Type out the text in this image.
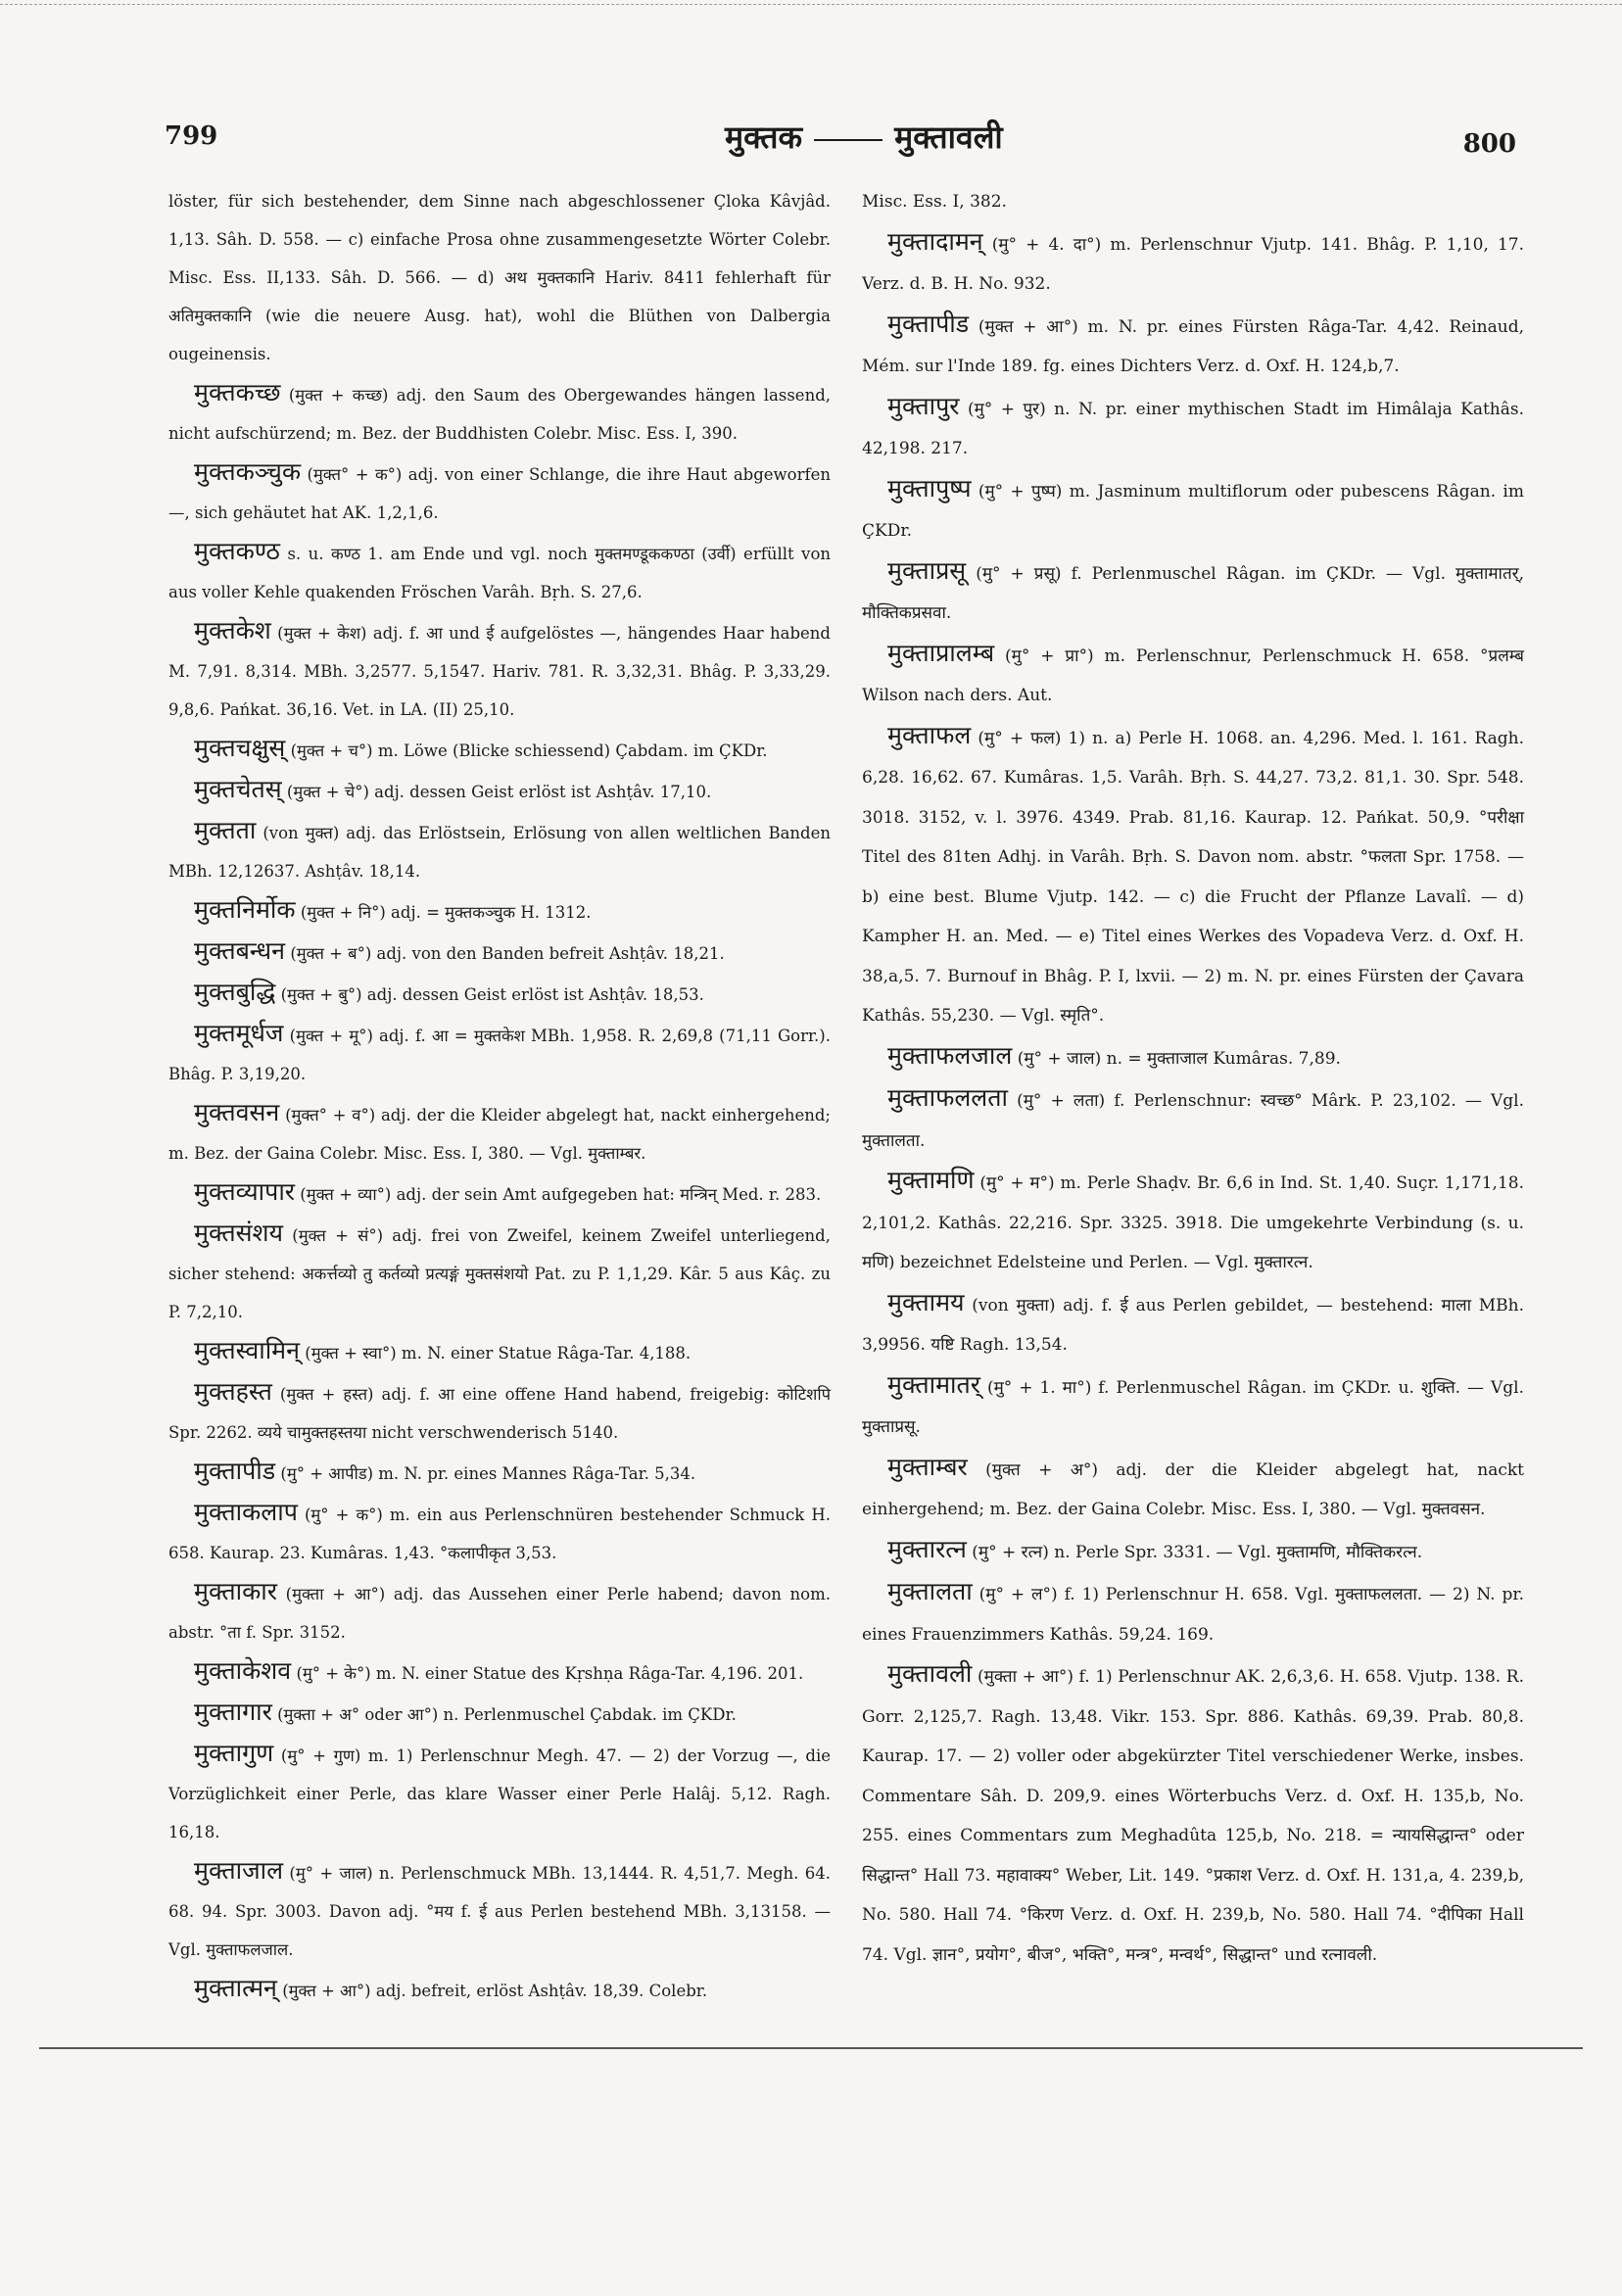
799	मुक्तक	मुक्तावली	800

löster, für sich bestehender, dem Sinne nach abgeschlossener Çloka Kâvjâd. 1,13. Sâh. D. 558. — c) einfache Prosa ohne zusammengesetzte Wörter Colebr. Misc. Ess. II,133. Sâh. D. 566. — d) अथ मुक्तकानि Hariv. 8411 fehlerhaft für अतिमुक्तकानि (wie die neuere Ausg. hat), wohl die Blüthen von Dalbergia ougeinensis.

मुक्तकच्छ (मुक्त + कच्छ) adj. den Saum des Obergewandes hängen lassend, nicht aufschürzend; m. Bez. der Buddhisten Colebr. Misc. Ess. I, 390.

मुक्तकञ्चुक (मुक्त° + क°) adj. von einer Schlange, die ihre Haut abgeworfen —, sich gehäutet hat AK. 1,2,1,6.

मुक्तकण्ठ s. u. कण्ठ 1. am Ende und vgl. noch मुक्तमण्डूककण्ठा (उर्वी) erfüllt von aus voller Kehle quakenden Fröschen Varâh. Bṛh. S. 27,6.

मुक्तकेश (मुक्त + केश) adj. f. आ und ई aufgelöstes —, hängendes Haar habend M. 7,91. 8,314. MBh. 3,2577. 5,1547. Hariv. 781. R. 3,32,31. Bhâg. P. 3,33,29. 9,8,6. Pańkat. 36,16. Vet. in LA. (II) 25,10.

मुक्तचक्षुस् (मुक्त + च°) m. Löwe (Blicke schiessend) Çabdam. im ÇKDr.

मुक्तचेतस् (मुक्त + चे°) adj. dessen Geist erlöst ist Ashṭâv. 17,10.

मुक्तता (von मुक्त) adj. das Erlöstsein, Erlösung von allen weltlichen Banden MBh. 12,12637. Ashṭâv. 18,14.

मुक्तनिर्मोक (मुक्त + नि°) adj. = मुक्तकञ्चुक H. 1312.

मुक्तबन्धन (मुक्त + ब°) adj. von den Banden befreit Ashṭâv. 18,21.

मुक्तबुद्धि (मुक्त + बु°) adj. dessen Geist erlöst ist Ashṭâv. 18,53.

मुक्तमूर्धज (मुक्त + मू°) adj. f. आ = मुक्तकेश MBh. 1,958. R. 2,69,8 (71,11 Gorr.). Bhâg. P. 3,19,20.

मुक्तवसन (मुक्त° + व°) adj. der die Kleider abgelegt hat, nackt einhergehend; m. Bez. der Gaina Colebr. Misc. Ess. I, 380. — Vgl. मुक्ताम्बर.

मुक्तव्यापार (मुक्त + व्या°) adj. der sein Amt aufgegeben hat: मन्त्रिन् Med. r. 283.

मुक्तसंशय (मुक्त + सं°) adj. frei von Zweifel, keinem Zweifel unterliegend, sicher stehend: अकर्त्तव्यो तु कर्तव्यो प्रत्यङ्गं मुक्तसंशयो Pat. zu P. 1,1,29. Kâr. 5 aus Kâç. zu P. 7,2,10.

मुक्तस्वामिन् (मुक्त + स्वा°) m. N. einer Statue Râga-Tar. 4,188.

मुक्तहस्त (मुक्त + हस्त) adj. f. आ eine offene Hand habend, freigebig: कोटिशपि Spr. 2262. व्यये चामुक्तहस्तया nicht verschwenderisch 5140.

मुक्तापीड (मु° + आपीड) m. N. pr. eines Mannes Râga-Tar. 5,34.

मुक्ताकलाप (मु° + क°) m. ein aus Perlenschnüren bestehender Schmuck H. 658. Kaurap. 23. Kumâras. 1,43. °कलापीकृत 3,53.

मुक्ताकार (मुक्ता + आ°) adj. das Aussehen einer Perle habend; davon nom. abstr. °ता f. Spr. 3152.

मुक्ताकेशव (मु° + के°) m. N. einer Statue des Kṛshṇa Râga-Tar. 4,196. 201.

मुक्तागार (मुक्ता + अ° oder आ°) n. Perlenmuschel Çabdak. im ÇKDr.

मुक्तागुण (मु° + गुण) m. 1) Perlenschnur Megh. 47. — 2) der Vorzug —, die Vorzüglichkeit einer Perle, das klare Wasser einer Perle Halâj. 5,12. Ragh. 16,18.

मुक्ताजाल (मु° + जाल) n. Perlenschmuck MBh. 13,1444. R. 4,51,7. Megh. 64. 68. 94. Spr. 3003. Davon adj. °मय f. ई aus Perlen bestehend MBh. 3,13158. — Vgl. मुक्ताफलजाल.

मुक्तात्मन् (मुक्त + आ°) adj. befreit, erlöst Ashṭâv. 18,39. Colebr.

Misc. Ess. I, 382.

मुक्तादामन् (मु° + 4. दा°) m. Perlenschnur Vjutp. 141. Bhâg. P. 1,10, 17. Verz. d. B. H. No. 932.

मुक्तापीड (मुक्त + आ°) m. N. pr. eines Fürsten Râga-Tar. 4,42. Reinaud, Mém. sur l'Inde 189. fg. eines Dichters Verz. d. Oxf. H. 124,b,7.

मुक्तापुर (मु° + पुर) n. N. pr. einer mythischen Stadt im Himâlaja Kathâs. 42,198. 217.

मुक्तापुष्प (मु° + पुष्प) m. Jasminum multiflorum oder pubescens Râgan. im ÇKDr.

मुक्ताप्रसू (मु° + प्रसू) f. Perlenmuschel Râgan. im ÇKDr. — Vgl. मुक्तामातर्, मौक्तिकप्रसवा.

मुक्ताप्रालम्ब (मु° + प्रा°) m. Perlenschnur, Perlenschmuck H. 658. °प्रलम्ब Wilson nach ders. Aut.

मुक्ताफल (मु° + फल) 1) n. a) Perle H. 1068. an. 4,296. Med. l. 161. Ragh. 6,28. 16,62. 67. Kumâras. 1,5. Varâh. Bṛh. S. 44,27. 73,2. 81,1. 30. Spr. 548. 3018. 3152, v. l. 3976. 4349. Prab. 81,16. Kaurap. 12. Pańkat. 50,9. °परीक्षा Titel des 81ten Adhj. in Varâh. Bṛh. S. Davon nom. abstr. °फलता Spr. 1758. — b) eine best. Blume Vjutp. 142. — c) die Frucht der Pflanze Lavalî. — d) Kampher H. an. Med. — e) Titel eines Werkes des Vopadeva Verz. d. Oxf. H. 38,a,5. 7. Burnouf in Bhâg. P. I, lxvii. — 2) m. N. pr. eines Fürsten der Çavara Kathâs. 55,230. — Vgl. स्मृति°.

मुक्ताफलजाल (मु° + जाल) n. = मुक्ताजाल Kumâras. 7,89.

मुक्ताफललता (मु° + लता) f. Perlenschnur: स्वच्छ° Mârk. P. 23,102. — Vgl. मुक्तालता.

मुक्तामणि (मु° + म°) m. Perle Shaḍv. Br. 6,6 in Ind. St. 1,40. Suçr. 1,171,18. 2,101,2. Kathâs. 22,216. Spr. 3325. 3918. Die umgekehrte Verbindung (s. u. मणि) bezeichnet Edelsteine und Perlen. — Vgl. मुक्तारत्न.

मुक्तामय (von मुक्ता) adj. f. ई aus Perlen gebildet, — bestehend: माला MBh. 3,9956. यष्टि Ragh. 13,54.

मुक्तामातर् (मु° + 1. मा°) f. Perlenmuschel Râgan. im ÇKDr. u. शुक्ति. — Vgl. मुक्ताप्रसू.

मुक्ताम्बर (मुक्त + अ°) adj. der die Kleider abgelegt hat, nackt einhergehend; m. Bez. der Gaina Colebr. Misc. Ess. I, 380. — Vgl. मुक्तवसन.

मुक्तारत्न (मु° + रत्न) n. Perle Spr. 3331. — Vgl. मुक्तामणि, मौक्तिकरत्न.

मुक्तालता (मु° + ल°) f. 1) Perlenschnur H. 658. Vgl. मुक्ताफललता. — 2) N. pr. eines Frauenzimmers Kathâs. 59,24. 169.

मुक्तावली (मुक्ता + आ°) f. 1) Perlenschnur AK. 2,6,3,6. H. 658. Vjutp. 138. R. Gorr. 2,125,7. Ragh. 13,48. Vikr. 153. Spr. 886. Kathâs. 69,39. Prab. 80,8. Kaurap. 17. — 2) voller oder abgekürzter Titel verschiedener Werke, insbes. Commentare Sâh. D. 209,9. eines Wörterbuchs Verz. d. Oxf. H. 135,b, No. 255. eines Commentars zum Meghadûta 125,b, No. 218. = न्यायसिद्धान्त° oder सिद्धान्त° Hall 73. महावाक्य° Weber, Lit. 149. °प्रकाश Verz. d. Oxf. H. 131,a, 4. 239,b, No. 580. Hall 74. °किरण Verz. d. Oxf. H. 239,b, No. 580. Hall 74. °दीपिका Hall 74. Vgl. ज्ञान°, प्रयोग°, बीज°, भक्ति°, मन्त्र°, मन्वर्थ°, सिद्धान्त° und रत्नावली.
